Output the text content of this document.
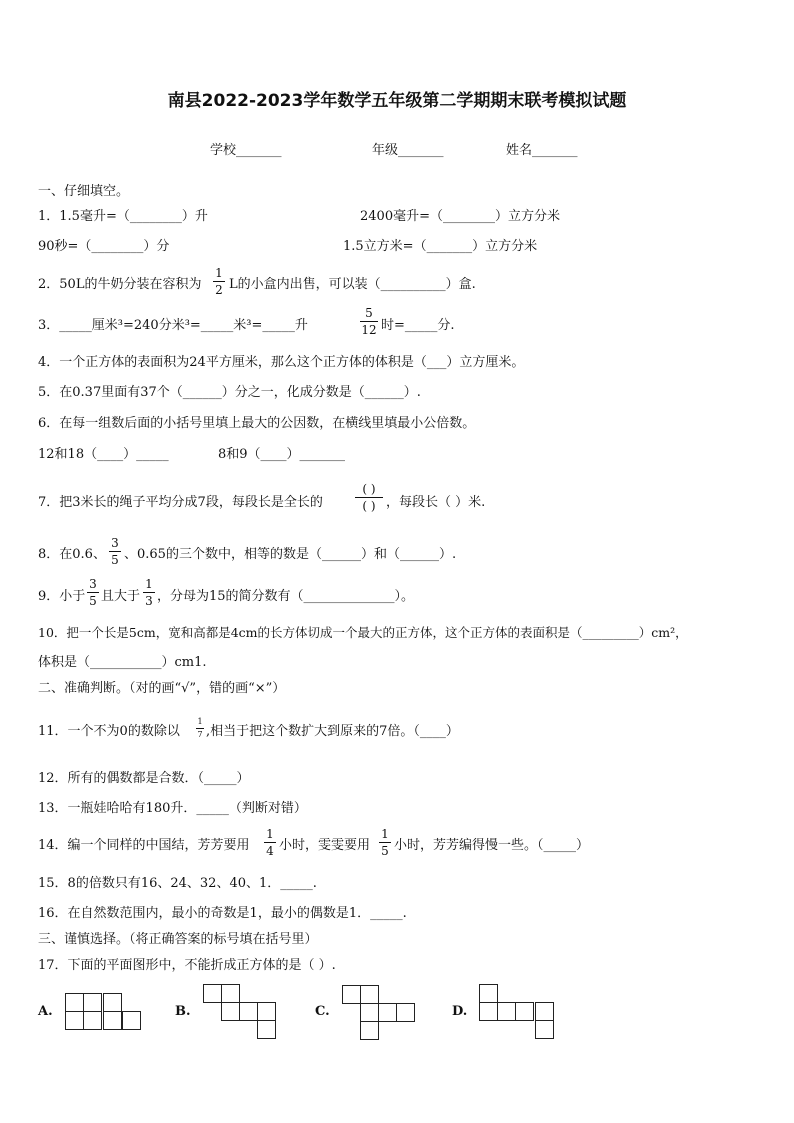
南县2022-2023学年数学五年级第二学期期末联考模拟试题
学校_______	年级_______	姓名_______
一、仔细填空。
1．1.5毫升=（________）升	2400毫升=（________）立方分米
90秒=（________）分	1.5立方米=（_______）立方分米
2．50L的牛奶分装在容积为
1
2 L的小盒内出售，可以装（__________）盒.
3．_____厘米³=240分米³=_____米³=_____升
5
12 时=_____分.
4．一个正方体的表面积为24平方厘米，那么这个正方体的体积是（___）立方厘米。
5．在0.37里面有37个（______）分之一，化成分数是（______）.
6．在每一组数后面的小括号里填上最大的公因数，在横线里填最小公倍数。
12和18（____）_____	8和9（____）_______
7．把3米长的绳子平均分成7段，每段长是全长的
( )
( ) ，每段长（ ）米.
8．在0.6、
3
5 、0.65的三个数中，相等的数是（______）和（______）.
9．小于
3
5 且大于
1
3 ，分母为15的简分数有（______________）。
10．把一个长是5cm，宽和高都是4cm的长方体切成一个最大的正方体，这个正方体的表面积是（_________）cm²，
体积是（___________）cm1.
二、准确判断。（对的画“√”，错的画“×”）
11．一个不为0的数除以
1
7 ,相当于把这个数扩大到原来的7倍。（____）
12．所有的偶数都是合数．（_____）
13．一瓶娃哈哈有180升．_____（判断对错）
14．编一个同样的中国结，芳芳要用
1
4 小时，雯雯要用
1
5 小时，芳芳编得慢一些。（_____）
15．8的倍数只有16、24、32、40、1．_____.
16．在自然数范围内，最小的奇数是1，最小的偶数是1．_____.
三、谨慎选择。（将正确答案的标号填在括号里）
17．下面的平面图形中，不能折成正方体的是（ ）.
A.	B.	C.	D.
